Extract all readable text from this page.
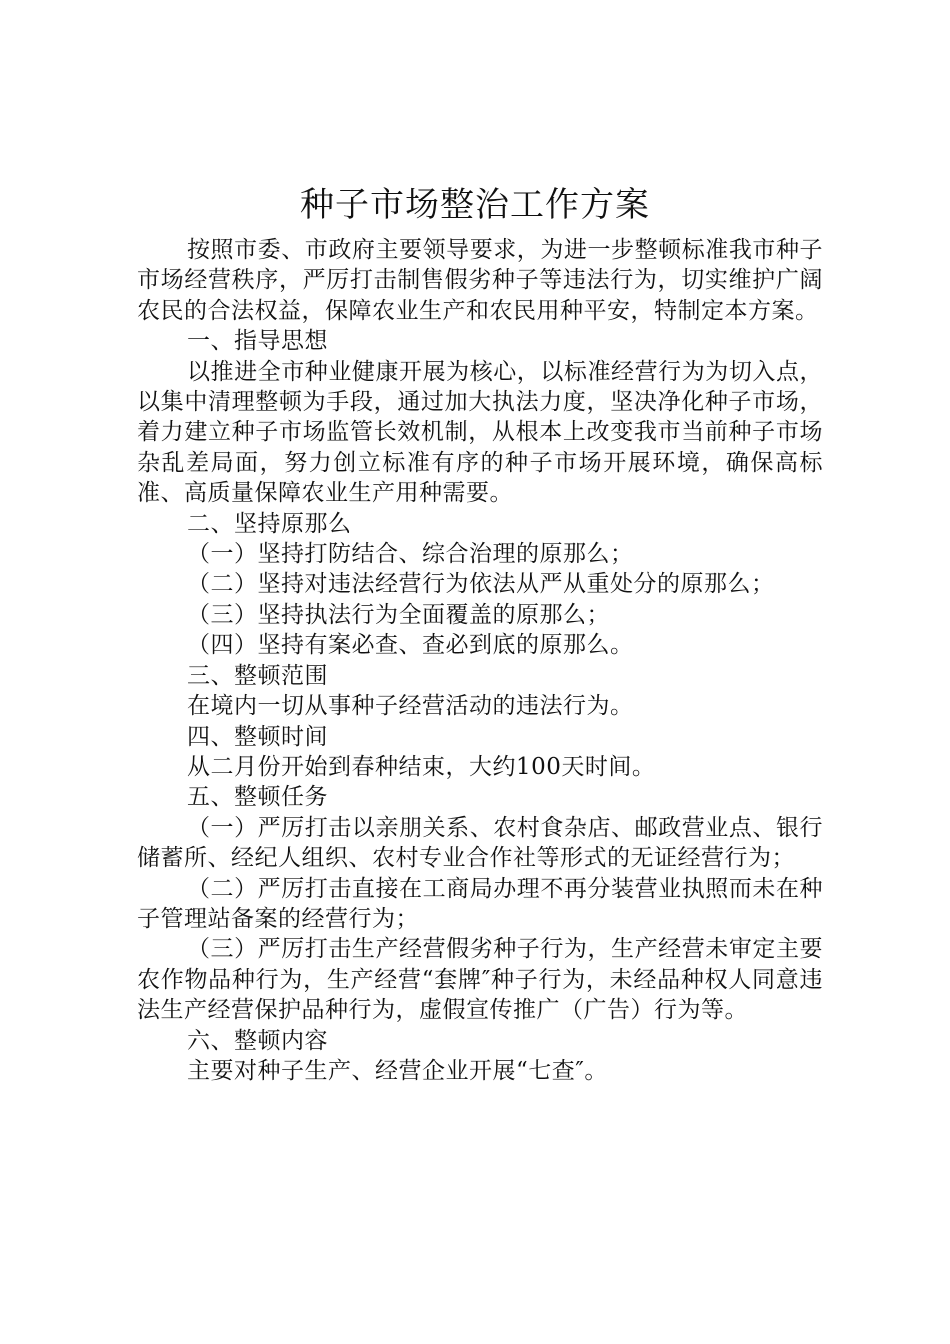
种子市场整治工作方案

按照市委、市政府主要领导要求，为进一步整顿标准我市种子市场经营秩序，严厉打击制售假劣种子等违法行为，切实维护广阔农民的合法权益，保障农业生产和农民用种平安，特制定本方案。

一、指导思想

以推进全市种业健康开展为核心，以标准经营行为为切入点，以集中清理整顿为手段，通过加大执法力度，坚决净化种子市场，着力建立种子市场监管长效机制，从根本上改变我市当前种子市场杂乱差局面，努力创立标准有序的种子市场开展环境，确保高标准、高质量保障农业生产用种需要。

二、坚持原那么

（一）坚持打防结合、综合治理的原那么；

（二）坚持对违法经营行为依法从严从重处分的原那么；

（三）坚持执法行为全面覆盖的原那么；

（四）坚持有案必查、查必到底的原那么。

三、整顿范围

在境内一切从事种子经营活动的违法行为。

四、整顿时间

从二月份开始到春种结束，大约100天时间。

五、整顿任务

（一）严厉打击以亲朋关系、农村食杂店、邮政营业点、银行储蓄所、经纪人组织、农村专业合作社等形式的无证经营行为；

（二）严厉打击直接在工商局办理不再分装营业执照而未在种子管理站备案的经营行为；

（三）严厉打击生产经营假劣种子行为，生产经营未审定主要农作物品种行为，生产经营“套牌″种子行为，未经品种权人同意违法生产经营保护品种行为，虚假宣传推广（广告）行为等。

六、整顿内容

主要对种子生产、经营企业开展“七查″。
